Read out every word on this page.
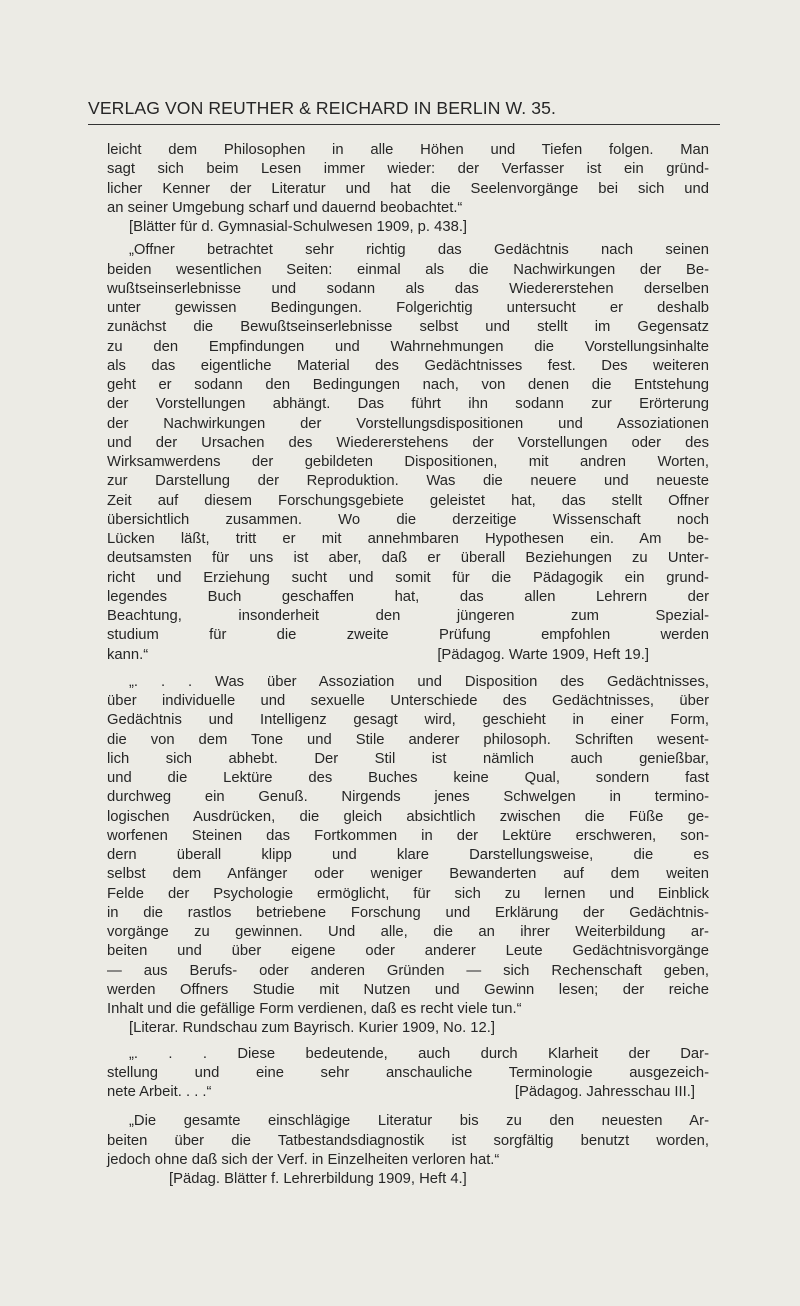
VERLAG VON REUTHER & REICHARD IN BERLIN W. 35.
leicht dem Philosophen in alle Höhen und Tiefen folgen. Man
sagt sich beim Lesen immer wieder: der Verfasser ist ein gründ-
licher Kenner der Literatur und hat die Seelenvorgänge bei sich und
an seiner Umgebung scharf und dauernd beobachtet.“
[Blätter für d. Gymnasial-Schulwesen 1909, p. 438.]
„Offner betrachtet sehr richtig das Gedächtnis nach seinen
beiden wesentlichen Seiten: einmal als die Nachwirkungen der Be-
wußtseinserlebnisse und sodann als das Wiedererstehen derselben
unter gewissen Bedingungen. Folgerichtig untersucht er deshalb
zunächst die Bewußtseinserlebnisse selbst und stellt im Gegensatz
zu den Empfindungen und Wahrnehmungen die Vorstellungsinhalte
als das eigentliche Material des Gedächtnisses fest. Des weiteren
geht er sodann den Bedingungen nach, von denen die Entstehung
der Vorstellungen abhängt. Das führt ihn sodann zur Erörterung
der Nachwirkungen der Vorstellungsdispositionen und Assoziationen
und der Ursachen des Wiedererstehens der Vorstellungen oder des
Wirksamwerdens der gebildeten Dispositionen, mit andren Worten,
zur Darstellung der Reproduktion. Was die neuere und neueste
Zeit auf diesem Forschungsgebiete geleistet hat, das stellt Offner
übersichtlich zusammen. Wo die derzeitige Wissenschaft noch
Lücken läßt, tritt er mit annehmbaren Hypothesen ein. Am be-
deutsamsten für uns ist aber, daß er überall Beziehungen zu Unter-
richt und Erziehung sucht und somit für die Pädagogik ein grund-
legendes Buch geschaffen hat, das allen Lehrern der
Beachtung, insonderheit den jüngeren zum Spezial-
studium für die zweite Prüfung empfohlen werden
kann.“	[Pädagog. Warte 1909, Heft 19.]
„. . . Was über Assoziation und Disposition des Gedächtnisses,
über individuelle und sexuelle Unterschiede des Gedächtnisses, über
Gedächtnis und Intelligenz gesagt wird, geschieht in einer Form,
die von dem Tone und Stile anderer philosoph. Schriften wesent-
lich sich abhebt. Der Stil ist nämlich auch genießbar,
und die Lektüre des Buches keine Qual, sondern fast
durchweg ein Genuß. Nirgends jenes Schwelgen in termino-
logischen Ausdrücken, die gleich absichtlich zwischen die Füße ge-
worfenen Steinen das Fortkommen in der Lektüre erschweren, son-
dern überall klipp und klare Darstellungsweise, die es
selbst dem Anfänger oder weniger Bewanderten auf dem weiten
Felde der Psychologie ermöglicht, für sich zu lernen und Einblick
in die rastlos betriebene Forschung und Erklärung der Gedächtnis-
vorgänge zu gewinnen. Und alle, die an ihrer Weiterbildung ar-
beiten und über eigene oder anderer Leute Gedächtnisvorgänge
— aus Berufs- oder anderen Gründen — sich Rechenschaft geben,
werden Offners Studie mit Nutzen und Gewinn lesen; der reiche
Inhalt und die gefällige Form verdienen, daß es recht viele tun.“
[Literar. Rundschau zum Bayrisch. Kurier 1909, No. 12.]
„. . . Diese bedeutende, auch durch Klarheit der Dar-
stellung und eine sehr anschauliche Terminologie ausgezeich-
nete Arbeit. . . .“	[Pädagog. Jahresschau III.]
„Die gesamte einschlägige Literatur bis zu den neuesten Ar-
beiten über die Tatbestandsdiagnostik ist sorgfältig benutzt worden,
jedoch ohne daß sich der Verf. in Einzelheiten verloren hat.“
[Pädag. Blätter f. Lehrerbildung 1909, Heft 4.]
